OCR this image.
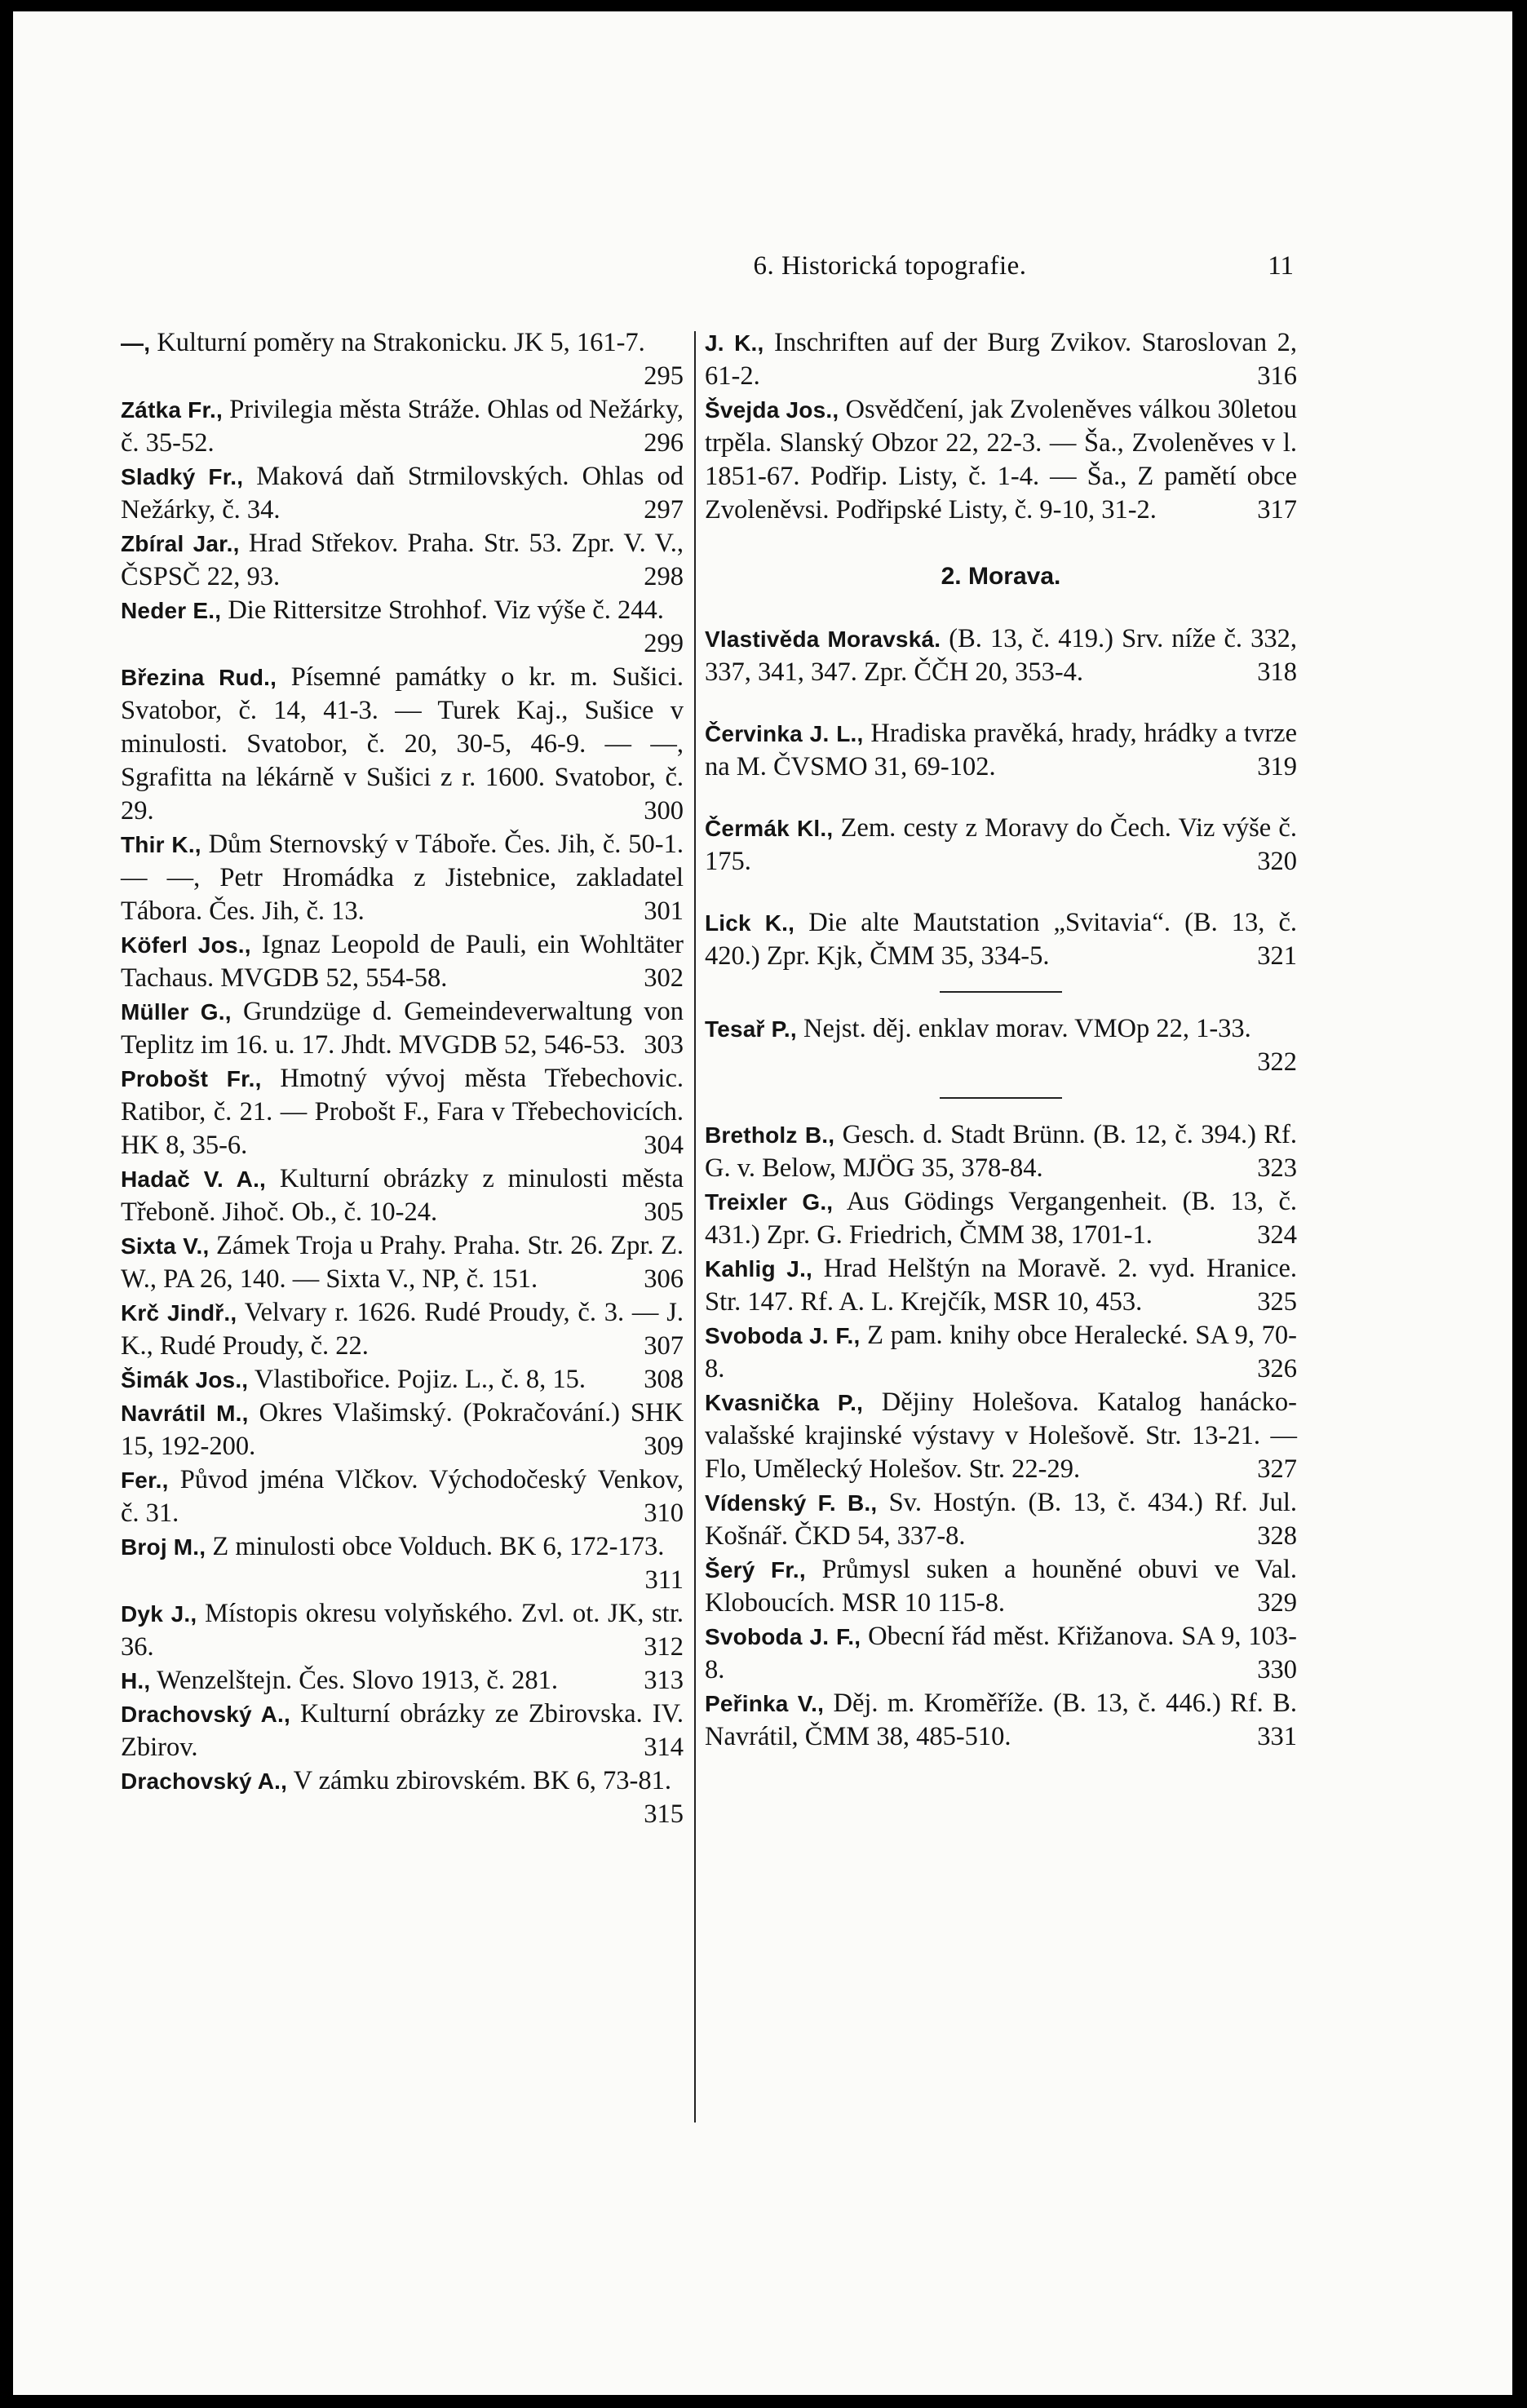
6. Historická topografie.	11
—, Kulturní poměry na Strakonicku. JK 5, 161-7.
295
Zátka Fr., Privilegia města Stráže. Ohlas od Nežárky, č. 35-52.	296
Sladký Fr., Maková daň Strmilovských. Ohlas od Nežárky, č. 34.	297
Zbíral Jar., Hrad Střekov. Praha. Str. 53. Zpr. V. V., ČSPSČ 22, 93.	298
Neder E., Die Rittersitze Strohhof. Viz výše č. 244.
299
Březina Rud., Písemné památky o kr. m. Sušici. Svatobor, č. 14, 41-3. — Turek Kaj., Sušice v minulosti. Svatobor, č. 20, 30-5, 46-9. — —, Sgrafitta na lékárně v Sušici z r. 1600. Svatobor, č. 29.	300
Thir K., Dům Sternovský v Táboře. Čes. Jih, č. 50-1. — —, Petr Hromádka z Jistebnice, zakladatel Tábora. Čes. Jih, č. 13.	301
Köferl Jos., Ignaz Leopold de Pauli, ein Wohltäter Tachaus. MVGDB 52, 554-58.	302
Müller G., Grundzüge d. Gemeindeverwaltung von Teplitz im 16. u. 17. Jhdt. MVGDB 52, 546-53. 303
Probošt Fr., Hmotný vývoj města Třebechovic. Ratibor, č. 21. — Probošt F., Fara v Třebechovicích. HK 8, 35-6.	304
Hadač V. A., Kulturní obrázky z minulosti města Třeboně. Jihoč. Ob., č. 10-24.	305
Sixta V., Zámek Troja u Prahy. Praha. Str. 26. Zpr. Z. W., PA 26, 140. — Sixta V., NP, č. 151.	306
Krč Jindř., Velvary r. 1626. Rudé Proudy, č. 3. — J. K., Rudé Proudy, č. 22.	307
Šimák Jos., Vlastibořice. Pojiz. L., č. 8, 15. 308
Navrátil M., Okres Vlašimský. (Pokračování.) SHK 15, 192-200.	309
Fer., Původ jména Vlčkov. Východočeský Venkov, č. 31.	310
Broj M., Z minulosti obce Volduch. BK 6, 172-173.
311
Dyk J., Místopis okresu volyňského. Zvl. ot. JK, str. 36.	312
H., Wenzelštejn. Čes. Slovo 1913, č. 281.	313
Drachovský A., Kulturní obrázky ze Zbirovska. IV. Zbirov.	314
Drachovský A., V zámku zbirovském. BK 6, 73-81.
315
J. K., Inschriften auf der Burg Zvikov. Staroslovan 2, 61-2.	316
Švejda Jos., Osvědčení, jak Zvoleněves válkou 30letou trpěla. Slanský Obzor 22, 22-3. — Ša., Zvoleněves v l. 1851-67. Podřip. Listy, č. 1-4. — Ša., Z pamětí obce Zvoleněvsi. Podřipské Listy, č. 9-10, 31-2.	317
2. Morava.
Vlastivěda Moravská. (B. 13, č. 419.) Srv. níže č. 332, 337, 341, 347. Zpr. ČČH 20, 353-4.	318
Červinka J. L., Hradiska pravěká, hrady, hrádky a tvrze na M. ČVSMO 31, 69-102.	319
Čermák Kl., Zem. cesty z Moravy do Čech. Viz výše č. 175.	320
Lick K., Die alte Mautstation „Svitavia“. (B. 13, č. 420.) Zpr. Kjk, ČMM 35, 334-5.	321
Tesař P., Nejst. děj. enklav morav. VMOp 22, 1-33.
322
Bretholz B., Gesch. d. Stadt Brünn. (B. 12, č. 394.) Rf. G. v. Below, MJÖG 35, 378-84.	323
Treixler G., Aus Gödings Vergangenheit. (B. 13, č. 431.) Zpr. G. Friedrich, ČMM 38, 1701-1.	324
Kahlig J., Hrad Helštýn na Moravě. 2. vyd. Hranice. Str. 147. Rf. A. L. Krejčík, MSR 10, 453.	325
Svoboda J. F., Z pam. knihy obce Heralecké. SA 9, 70-8.	326
Kvasnička P., Dějiny Holešova. Katalog hanácko-valašské krajinské výstavy v Holešově. Str. 13-21. — Flo, Umělecký Holešov. Str. 22-29.	327
Vídenský F. B., Sv. Hostýn. (B. 13, č. 434.) Rf. Jul. Košnář. ČKD 54, 337-8.	328
Šerý Fr., Průmysl suken a houněné obuvi ve Val. Kloboucích. MSR 10 115-8.	329
Svoboda J. F., Obecní řád měst. Křižanova. SA 9, 103-8.	330
Peřinka V., Děj. m. Kroměříže. (B. 13, č. 446.) Rf. B. Navrátil, ČMM 38, 485-510.	331
